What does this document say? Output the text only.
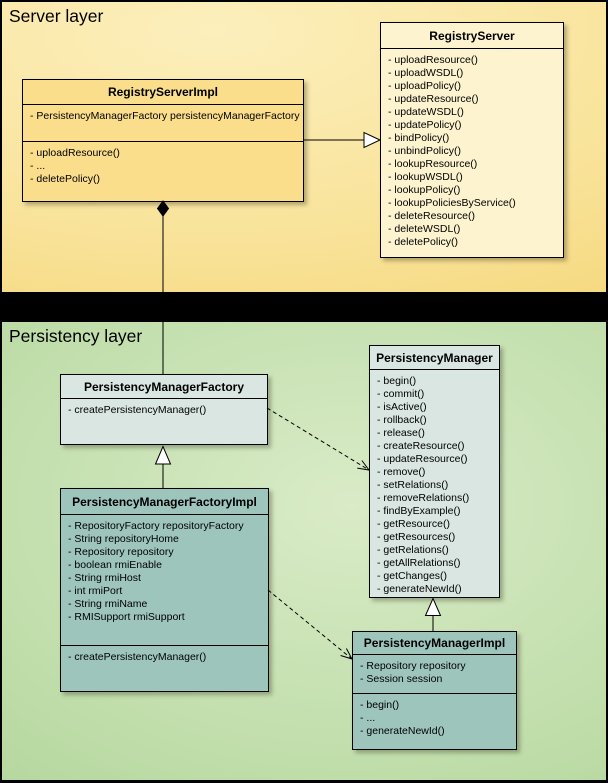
Server layer
Persistency layer
RegistryServerImpl
- PersistencyManagerFactory persistencyManagerFactory
- uploadResource()
- ...
- deletePolicy()
RegistryServer
- uploadResource()
- uploadWSDL()
- uploadPolicy()
- updateResource()
- updateWSDL()
- updatePolicy()
- bindPolicy()
- unbindPolicy()
- lookupResource()
- lookupWSDL()
- lookupPolicy()
- lookupPoliciesByService()
- deleteResource()
- deleteWSDL()
- deletePolicy()
PersistencyManagerFactory
- createPersistencyManager()
PersistencyManager
- begin()
- commit()
- isActive()
- rollback()
- release()
- createResource()
- updateResource()
- remove()
- setRelations()
- removeRelations()
- findByExample()
- getResource()
- getResources()
- getRelations()
- getAllRelations()
- getChanges()
- generateNewId()
PersistencyManagerFactoryImpl
- RepositoryFactory repositoryFactory
- String repositoryHome
- Repository repository
- boolean rmiEnable
- String rmiHost
- int rmiPort
- String rmiName
- RMISupport rmiSupport
- createPersistencyManager()
PersistencyManagerImpl
- Repository repository
- Session session
- begin()
- ...
- generateNewId()
